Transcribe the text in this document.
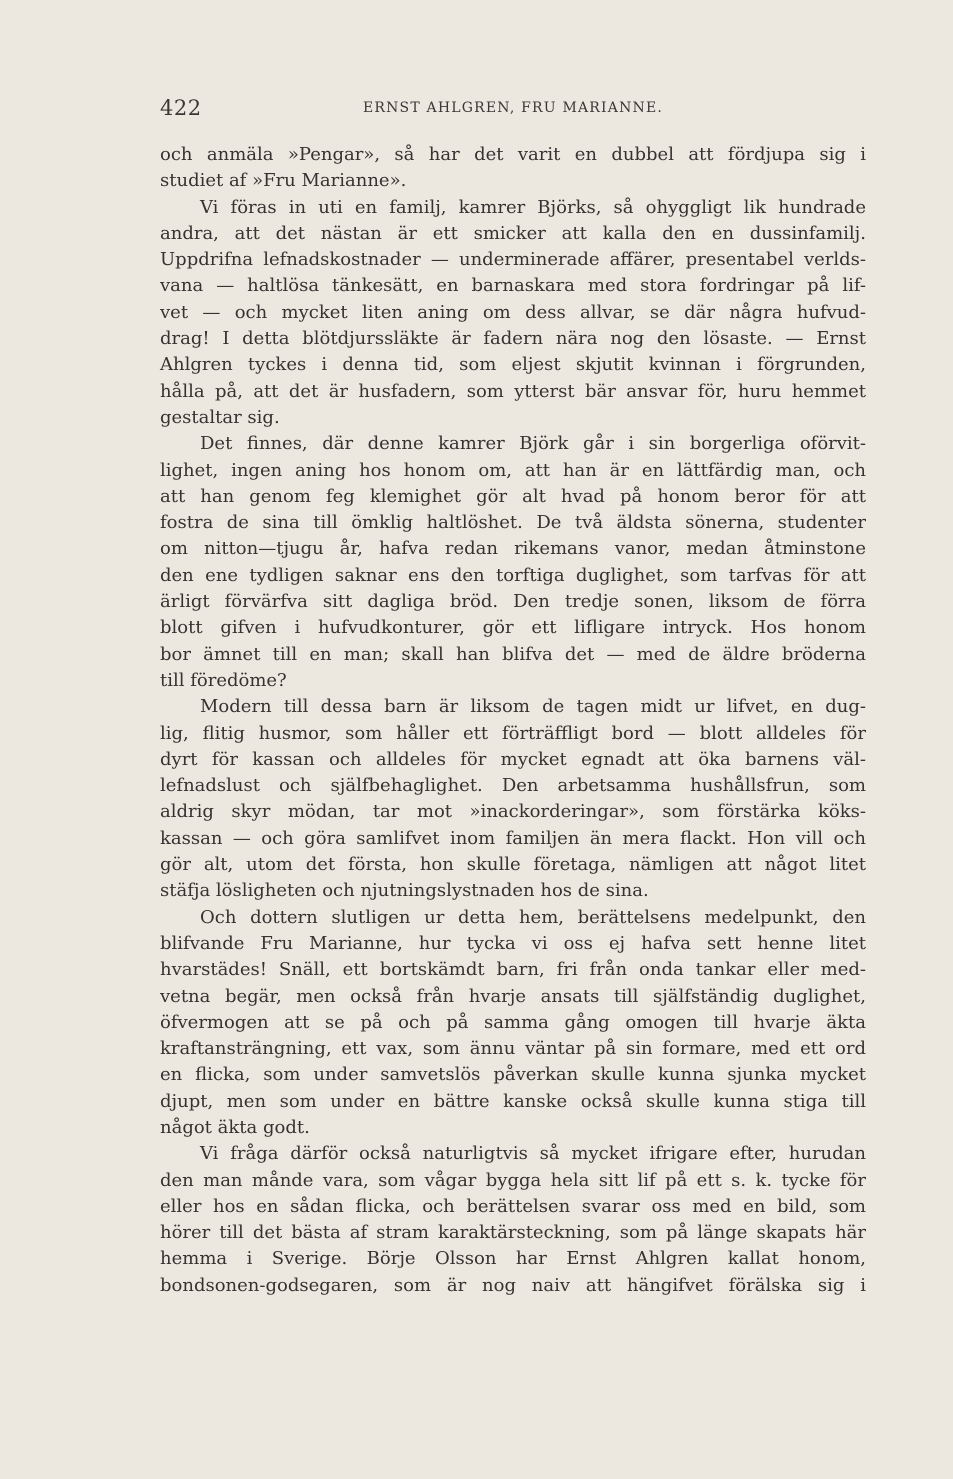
422	ERNST AHLGREN, FRU MARIANNE.
och anmäla »Pengar», så har det varit en dubbel att fördjupa sig i
studiet af »Fru Marianne».
Vi föras in uti en familj, kamrer Björks, så ohyggligt lik hundrade
andra, att det nästan är ett smicker att kalla den en dussinfamilj.
Uppdrifna lefnadskostnader — underminerade affärer, presentabel verlds-
vana — haltlösa tänkesätt, en barnaskara med stora fordringar på lif-
vet — och mycket liten aning om dess allvar, se där några hufvud-
drag! I detta blötdjurssläkte är fadern nära nog den lösaste. — Ernst
Ahlgren tyckes i denna tid, som eljest skjutit kvinnan i förgrunden,
hålla på, att det är husfadern, som ytterst bär ansvar för, huru hemmet
gestaltar sig.
Det finnes, där denne kamrer Björk går i sin borgerliga oförvit-
lighet, ingen aning hos honom om, att han är en lättfärdig man, och
att han genom feg klemighet gör alt hvad på honom beror för att
fostra de sina till ömklig haltlöshet. De två äldsta sönerna, studenter
om nitton—tjugu år, hafva redan rikemans vanor, medan åtminstone
den ene tydligen saknar ens den torftiga duglighet, som tarfvas för att
ärligt förvärfva sitt dagliga bröd. Den tredje sonen, liksom de förra
blott gifven i hufvudkonturer, gör ett lifligare intryck. Hos honom
bor ämnet till en man; skall han blifva det — med de äldre bröderna
till föredöme?
Modern till dessa barn är liksom de tagen midt ur lifvet, en dug-
lig, flitig husmor, som håller ett förträffligt bord — blott alldeles för
dyrt för kassan och alldeles för mycket egnadt att öka barnens väl-
lefnadslust och själfbehaglighet. Den arbetsamma hushållsfrun, som
aldrig skyr mödan, tar mot »inackorderingar», som förstärka köks-
kassan — och göra samlifvet inom familjen än mera flackt. Hon vill och
gör alt, utom det första, hon skulle företaga, nämligen att något litet
stäfja lösligheten och njutningslystnaden hos de sina.
Och dottern slutligen ur detta hem, berättelsens medelpunkt, den
blifvande Fru Marianne, hur tycka vi oss ej hafva sett henne litet
hvarstädes! Snäll, ett bortskämdt barn, fri från onda tankar eller med-
vetna begär, men också från hvarje ansats till själfständig duglighet,
öfvermogen att se på och på samma gång omogen till hvarje äkta
kraftansträngning, ett vax, som ännu väntar på sin formare, med ett ord
en flicka, som under samvetslös påverkan skulle kunna sjunka mycket
djupt, men som under en bättre kanske också skulle kunna stiga till
något äkta godt.
Vi fråga därför också naturligtvis så mycket ifrigare efter, hurudan
den man månde vara, som vågar bygga hela sitt lif på ett s. k. tycke för
eller hos en sådan flicka, och berättelsen svarar oss med en bild, som
hörer till det bästa af stram karaktärsteckning, som på länge skapats här
hemma i Sverige. Börje Olsson har Ernst Ahlgren kallat honom,
bondsonen-godsegaren, som är nog naiv att hängifvet förälska sig i
